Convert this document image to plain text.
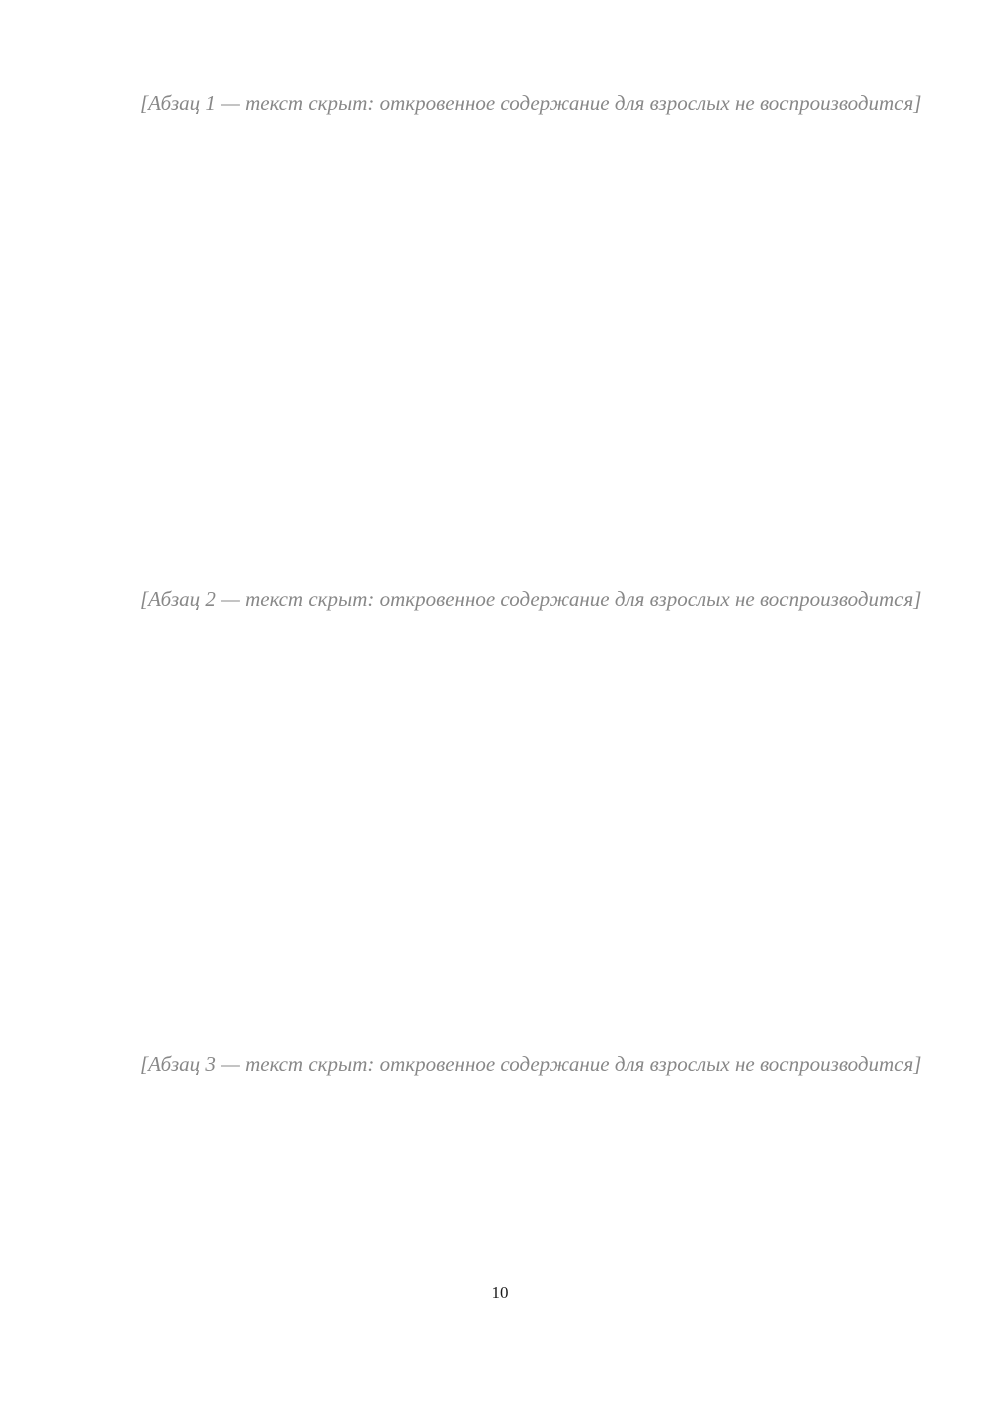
[Абзац 1 — текст скрыт: откровенное содержание для взрослых не воспроизводится]

[Абзац 2 — текст скрыт: откровенное содержание для взрослых не воспроизводится]

[Абзац 3 — текст скрыт: откровенное содержание для взрослых не воспроизводится]

10
